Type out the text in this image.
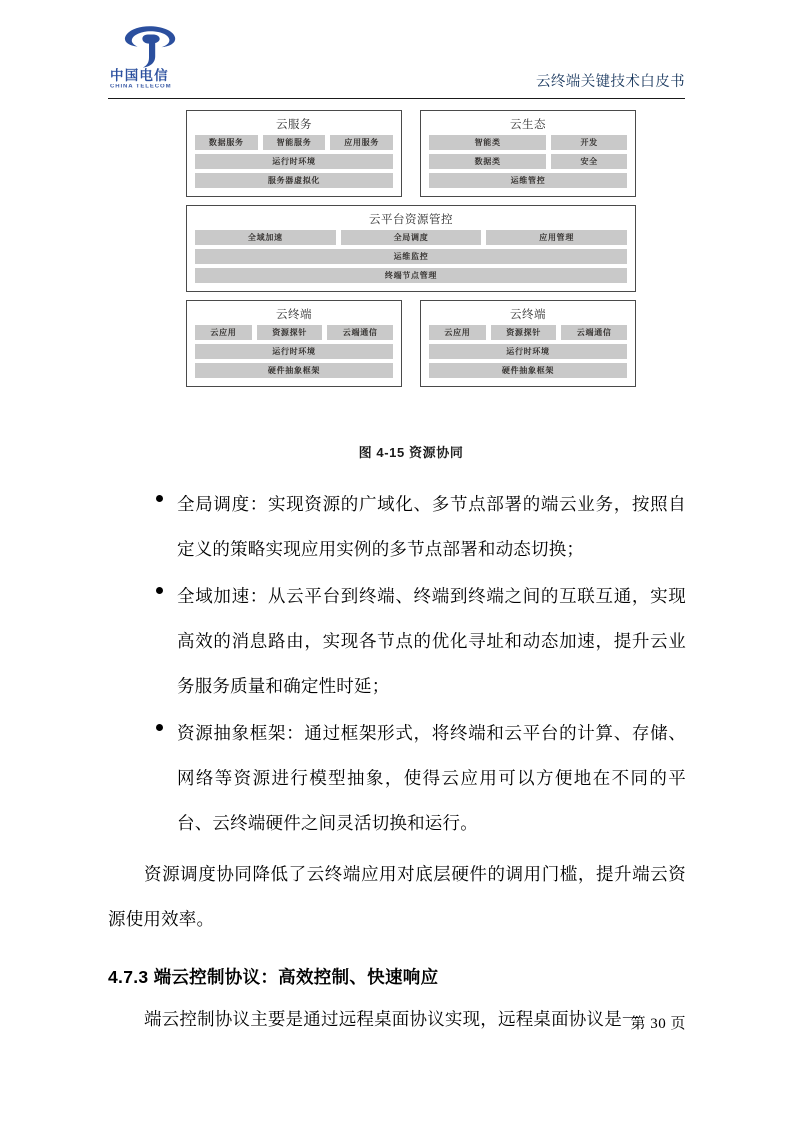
中国电信
CHINA TELECOM	云终端关键技术白皮书
云服务
数据服务	智能服务	应用服务
运行时环境
服务器虚拟化
云生态
智能类	开发
数据类	安全
运维管控
云平台资源管控
全域加速	全局调度	应用管理
运维监控
终端节点管理
云终端
云应用	资源探针	云端通信
运行时环境
硬件抽象框架
云终端
云应用	资源探针	云端通信
运行时环境
硬件抽象框架
图 4-15 资源协同
全局调度：实现资源的广域化、多节点部署的端云业务，按照自定义的策略实现应用实例的多节点部署和动态切换；
全域加速：从云平台到终端、终端到终端之间的互联互通，实现高效的消息路由，实现各节点的优化寻址和动态加速，提升云业务服务质量和确定性时延；
资源抽象框架：通过框架形式，将终端和云平台的计算、存储、网络等资源进行模型抽象，使得云应用可以方便地在不同的平台、云终端硬件之间灵活切换和运行。
资源调度协同降低了云终端应用对底层硬件的调用门槛，提升端云资源使用效率。
4.7.3 端云控制协议：高效控制、快速响应
端云控制协议主要是通过远程桌面协议实现，远程桌面协议是一
第 30 页
